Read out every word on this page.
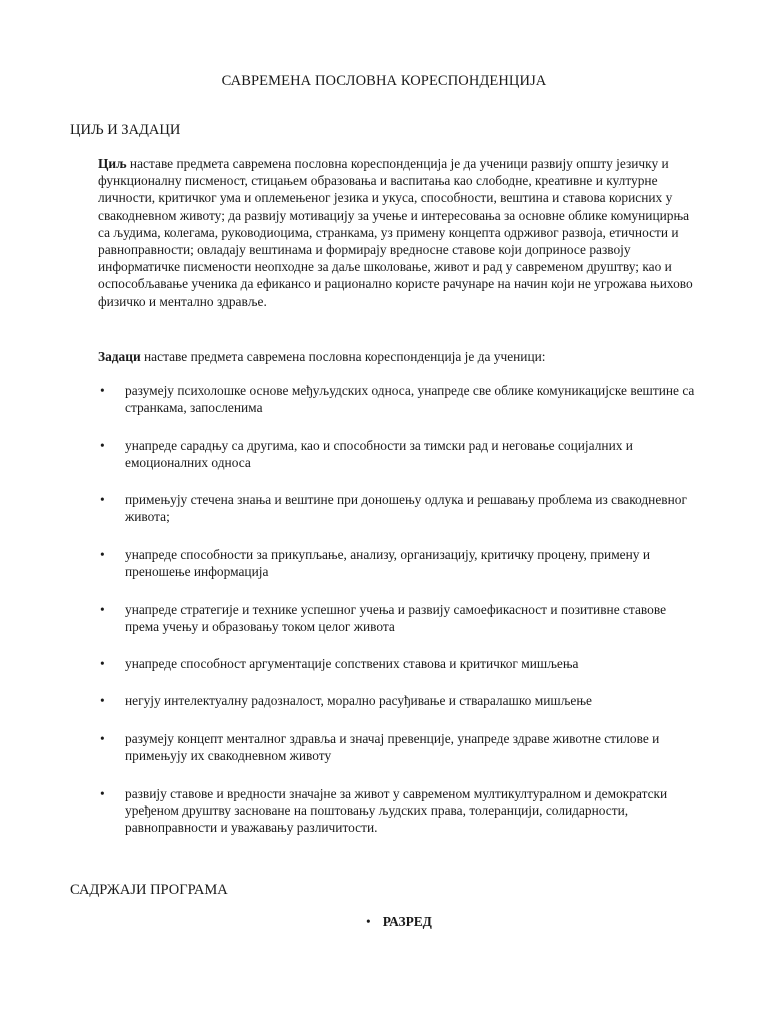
САВРЕМЕНА ПОСЛОВНА КОРЕСПОНДЕНЦИЈА
ЦИЉ И ЗАДАЦИ

Циљ наставе предмета савремена пословна кореспонденција је да ученици развију општу језичку и функционалну писменост, стицањем образовања и васпитања као слободне, креативне и културне личности, критичког ума и оплемењеног језика и укуса, способности, вештина и ставова корисних у свакодневном животу; да развију мотивацију за учење и интересовања за основне облике комуницирња са људима, колегама, руководиоцима, странкама, уз примену концепта одрживог развоја, етичности и равноправности; овладају вештинама и формирају вредносне ставове који доприносе развоју информатичке писмености неопходне за даље школовање, живот и рад у савременом друштву; као и оспособљавање ученика да ефикансо и рационално користе рачунаре на начин који не угрожава њихово физичко и ментално здравље.

Задаци наставе предмета савремена пословна кореспонденција је да ученици:

• разумеју психолошке основе међуљудских односа, унапреде све облике комуникацијске вештине са странкама, запосленима
• унапреде сарадњу са другима, као и способности за тимски рад и неговање социјалних и емоционалних односа
• примењују стечена знања и вештине при доношењу одлука и решавању проблема из свакодневног живота;
• унапреде способности за прикупљање, анализу, организацију, критичку процену, примену и преношење информација
• унапреде стратегије и технике успешног учења и развију самоефикасност и позитивне ставове према учењу и образовању током целог живота
• унапреде способност аргументације сопствених ставова и критичког мишљења
• негују интелектуалну радозналост, морално расуђивање и стваралашко мишљење
• разумеју концепт менталног здравља и значај превенције, унапреде здраве животне стилове и примењују их свакодневном животу
• развију ставове и вредности значајне за живот у савременом мултикултуралном и демократски уређеном друштву засноване на поштовању људских права, толеранцији, солидарности, равноправности и уважавању различитости.
САДРЖАЈИ ПРОГРАМА
• РАЗРЕД
